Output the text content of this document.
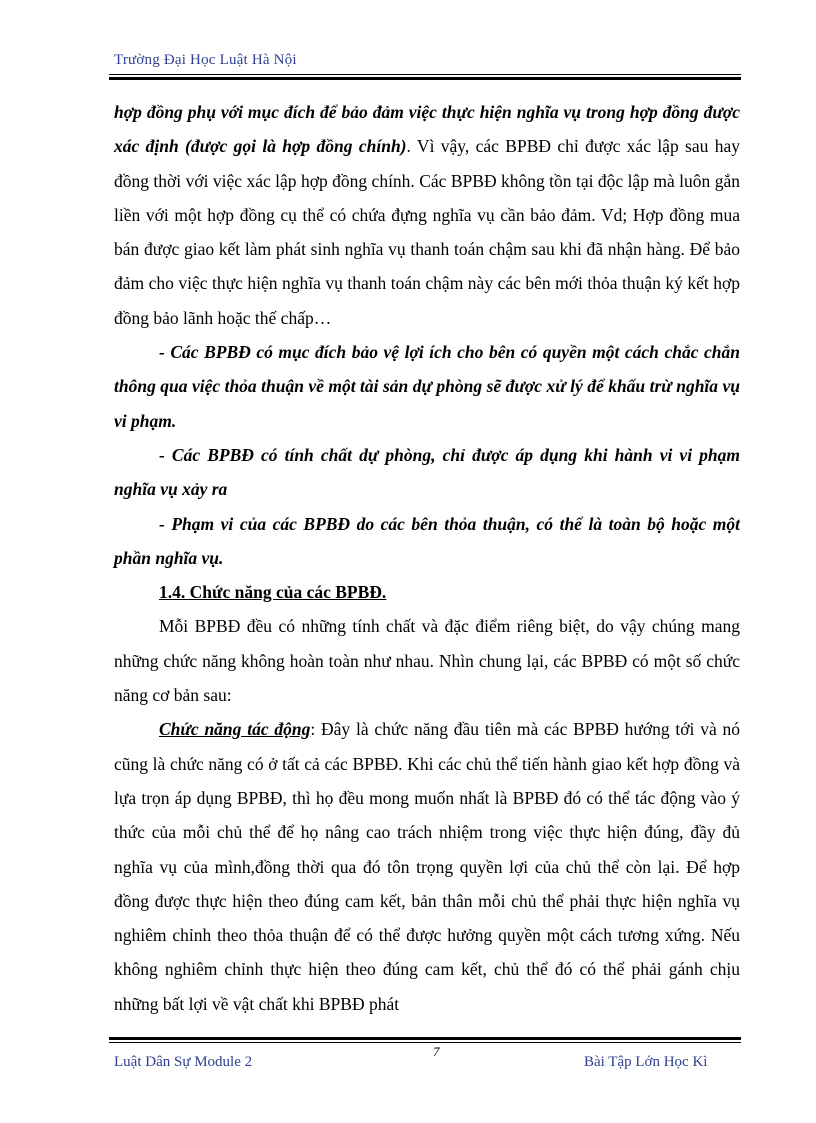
Trường Đại Học Luật Hà Nội

hợp đồng phụ với mục đích để bảo đảm việc thực hiện nghĩa vụ trong hợp đồng được xác định (được gọi là hợp đồng chính). Vì vậy, các BPBĐ chỉ được xác lập sau hay đồng thời với việc xác lập hợp đồng chính. Các BPBĐ không tồn tại độc lập mà luôn gắn liền với một hợp đồng cụ thể có chứa đựng nghĩa vụ cần bảo đảm. Vd; Hợp đồng mua bán được giao kết làm phát sinh nghĩa vụ thanh toán chậm sau khi đã nhận hàng. Để bảo đảm cho việc thực hiện nghĩa vụ thanh toán chậm này các bên mới thỏa thuận ký kết hợp đồng bảo lãnh hoặc thế chấp…

- Các BPBĐ có mục đích bảo vệ lợi ích cho bên có quyền một cách chắc chắn thông qua việc thỏa thuận về một tài sản dự phòng sẽ được xử lý để khấu trừ nghĩa vụ vi phạm.

- Các BPBĐ có tính chất dự phòng, chỉ được áp dụng khi hành vi vi phạm nghĩa vụ xảy ra

- Phạm vi của các BPBĐ do các bên thỏa thuận, có thể là toàn bộ hoặc một phần nghĩa vụ.

1.4. Chức năng của các BPBĐ.

Mỗi BPBĐ đều có những tính chất và đặc điểm riêng biệt, do vậy chúng mang những chức năng không hoàn toàn như nhau. Nhìn chung lại, các BPBĐ có một số chức năng cơ bản sau:

Chức năng tác động: Đây là chức năng đầu tiên mà các BPBĐ hướng tới và nó cũng là chức năng có ở tất cả các BPBĐ. Khi các chủ thể tiến hành giao kết hợp đồng và lựa trọn áp dụng BPBĐ, thì họ đều mong muốn nhất là BPBĐ đó có thể tác động vào ý thức của mỗi chủ thể để họ nâng cao trách nhiệm trong việc thực hiện đúng, đầy đủ nghĩa vụ của mình,đồng thời qua đó tôn trọng quyền lợi của chủ thể còn lại. Để hợp đồng được thực hiện theo đúng cam kết, bản thân mỗi chủ thể phải thực hiện nghĩa vụ nghiêm chỉnh theo thỏa thuận để có thể được hưởng quyền một cách tương xứng. Nếu không nghiêm chỉnh thực hiện theo đúng cam kết, chủ thể đó có thể phải gánh chịu những bất lợi về vật chất khi BPBĐ phát

Luật Dân Sự Module 2
7
Bài Tập Lớn Học Kì
